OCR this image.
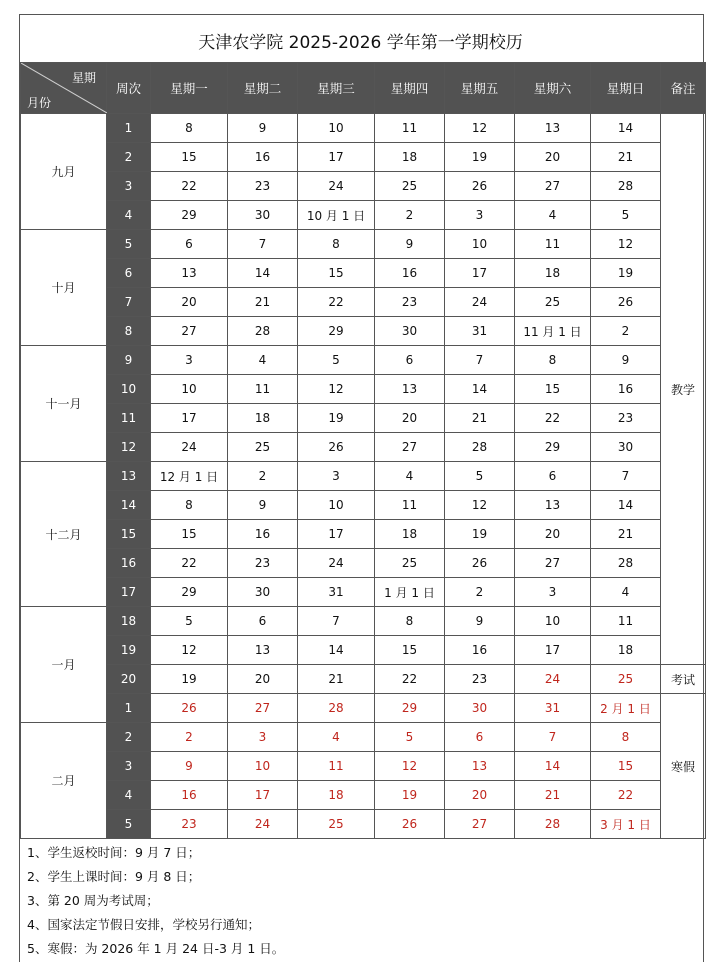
天津农学院 2025-2026 学年第一学期校历
星期
月份	周次	星期一	星期二	星期三	星期四	星期五	星期六	星期日	备注
九月	1	8	9	10	11	12	13	14	教学
	2	15	16	17	18	19	20	21	
	3	22	23	24	25	26	27	28	
	4	29	30	10 月 1 日	2	3	4	5	
十月	5	6	7	8	9	10	11	12	
	6	13	14	15	16	17	18	19	
	7	20	21	22	23	24	25	26	
	8	27	28	29	30	31	11 月 1 日	2	
十一月	9	3	4	5	6	7	8	9	
	10	10	11	12	13	14	15	16	
	11	17	18	19	20	21	22	23	
	12	24	25	26	27	28	29	30	
十二月	13	12 月 1 日	2	3	4	5	6	7	
	14	8	9	10	11	12	13	14	
	15	15	16	17	18	19	20	21	
	16	22	23	24	25	26	27	28	
	17	29	30	31	1 月 1 日	2	3	4	
一月	18	5	6	7	8	9	10	11	
	19	12	13	14	15	16	17	18	
	20	19	20	21	22	23	24	25	考试
	1	26	27	28	29	30	31	2 月 1 日	寒假
二月	2	2	3	4	5	6	7	8	
	3	9	10	11	12	13	14	15	
	4	16	17	18	19	20	21	22	
	5	23	24	25	26	27	28	3 月 1 日	
1、学生返校时间：9 月 7 日；
2、学生上课时间：9 月 8 日；
3、第 20 周为考试周；
4、国家法定节假日安排，学校另行通知；
5、寒假：为 2026 年 1 月 24 日-3 月 1 日。
